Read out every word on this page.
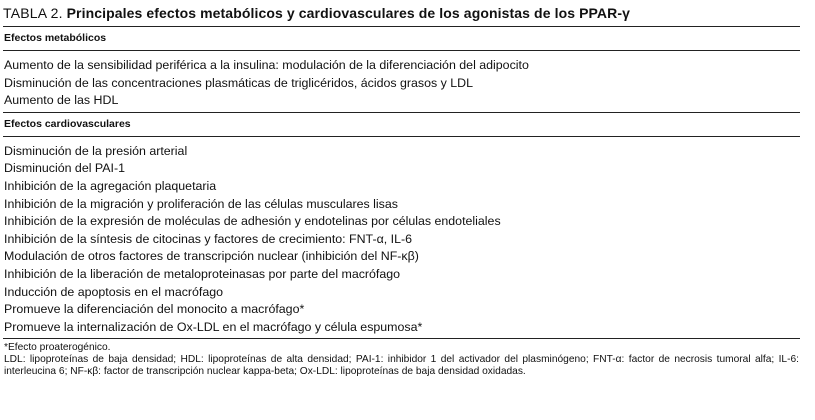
TABLA 2. Principales efectos metabólicos y cardiovasculares de los agonistas de los PPAR-γ
Efectos metabólicos
Aumento de la sensibilidad periférica a la insulina: modulación de la diferenciación del adipocito
Disminución de las concentraciones plasmáticas de triglicéridos, ácidos grasos y LDL
Aumento de las HDL
Efectos cardiovasculares
Disminución de la presión arterial
Disminución del PAI-1
Inhibición de la agregación plaquetaria
Inhibición de la migración y proliferación de las células musculares lisas
Inhibición de la expresión de moléculas de adhesión y endotelinas por células endoteliales
Inhibición de la síntesis de citocinas y factores de crecimiento: FNT-α, IL-6
Modulación de otros factores de transcripción nuclear (inhibición del NF-κβ)
Inhibición de la liberación de metaloproteinasas por parte del macrófago
Inducción de apoptosis en el macrófago
Promueve la diferenciación del monocito a macrófago*
Promueve la internalización de Ox-LDL en el macrófago y célula espumosa*
*Efecto proaterogénico.
LDL: lipoproteínas de baja densidad; HDL: lipoproteínas de alta densidad; PAI-1: inhibidor 1 del activador del plasminógeno; FNT-α: factor de necrosis tumoral alfa; IL-6: interleucina 6; NF-κβ: factor de transcripción nuclear kappa-beta; Ox-LDL: lipoproteínas de baja densidad oxidadas.
